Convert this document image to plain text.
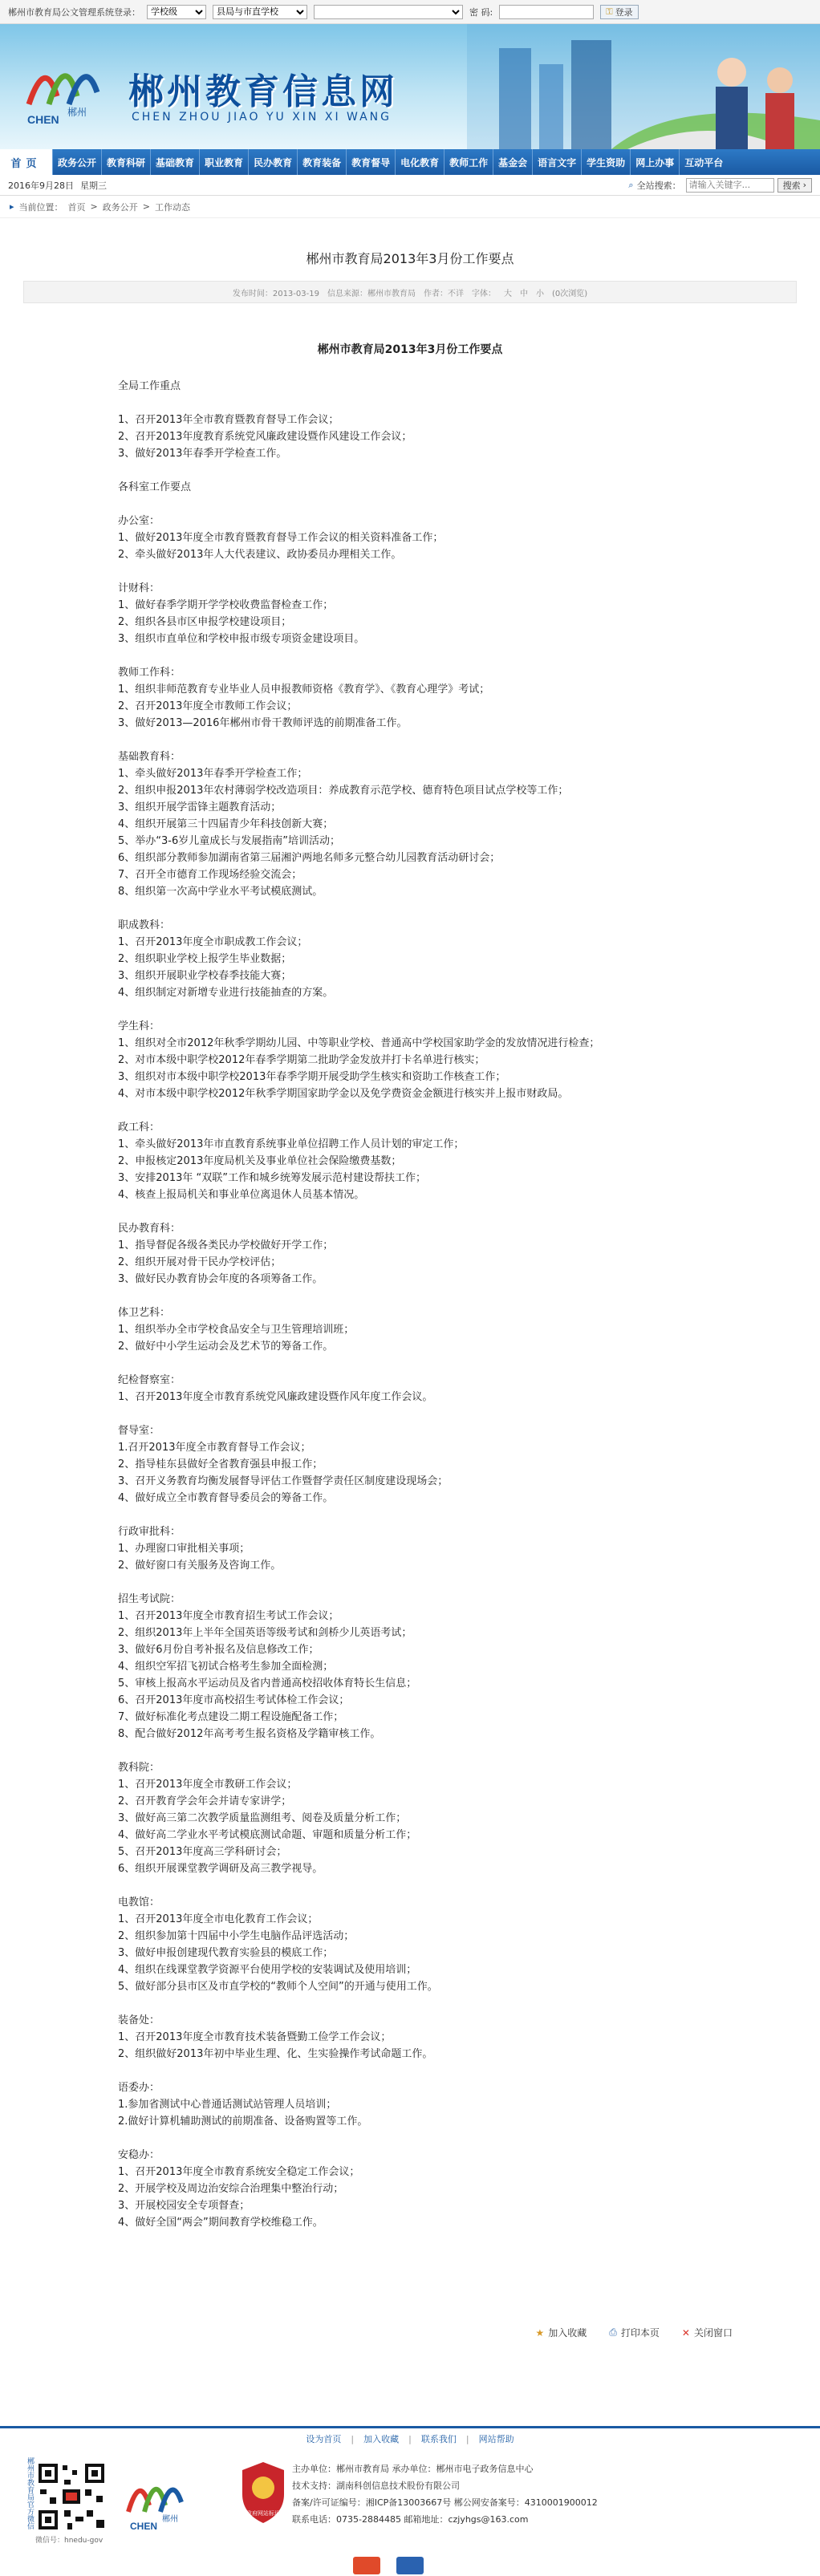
郴州市教育局公文管理系统登录：
学校级
县局与市直学校	密 码:	⚿ 登录
郴州
CHEN
郴州教育信息网
CHEN ZHOU JIAO YU XIN XI WANG
首页	政务公开	教育科研	基础教育	职业教育	民办教育	教育装备	教育督导	电化教育	教师工作	基金会	语言文字	学生资助	网上办事	互动平台
2016年9月28日 星期三	⌕ 全站搜索：
请输入关键字...	搜索 ›
▸ 当前位置： 首页 > 政务公开 > 工作动态
郴州市教育局2013年3月份工作要点
发布时间：2013-03-19 信息来源：郴州市教育局 作者：不详 字体： 大 中 小 (0次浏览)
郴州市教育局2013年3月份工作要点
全局工作重点
1、召开2013年全市教育暨教育督导工作会议；
2、召开2013年度教育系统党风廉政建设暨作风建设工作会议；
3、做好2013年春季开学检查工作。
各科室工作要点
办公室：
1、做好2013年度全市教育暨教育督导工作会议的相关资料准备工作；
2、牵头做好2013年人大代表建议、政协委员办理相关工作。
计财科：
1、做好春季学期开学学校收费监督检查工作；
2、组织各县市区申报学校建设项目；
3、组织市直单位和学校申报市级专项资金建设项目。
教师工作科：
1、组织非师范教育专业毕业人员申报教师资格《教育学》、《教育心理学》考试；
2、召开2013年度全市教师工作会议；
3、做好2013—2016年郴州市骨干教师评选的前期准备工作。
基础教育科：
1、牵头做好2013年春季开学检查工作；
2、组织申报2013年农村薄弱学校改造项目：养成教育示范学校、德育特色项目试点学校等工作；
3、组织开展学雷锋主题教育活动；
4、组织开展第三十四届青少年科技创新大赛；
5、举办“3-6岁儿童成长与发展指南”培训活动；
6、组织部分教师参加湖南省第三届湘沪两地名师多元整合幼儿园教育活动研讨会；
7、召开全市德育工作现场经验交流会；
8、组织第一次高中学业水平考试模底测试。
职成教科：
1、召开2013年度全市职成教工作会议；
2、组织职业学校上报学生毕业数据；
3、组织开展职业学校春季技能大赛；
4、组织制定对新增专业进行技能抽查的方案。
学生科：
1、组织对全市2012年秋季学期幼儿园、中等职业学校、普通高中学校国家助学金的发放情况进行检查；
2、对市本级中职学校2012年春季学期第二批助学金发放并打卡名单进行核实；
3、组织对市本级中职学校2013年春季学期开展受助学生核实和资助工作核查工作；
4、对市本级中职学校2012年秋季学期国家助学金以及免学费资金金额进行核实并上报市财政局。
政工科：
1、牵头做好2013年市直教育系统事业单位招聘工作人员计划的审定工作；
2、申报核定2013年度局机关及事业单位社会保险缴费基数；
3、安排2013年 “双联”工作和城乡统筹发展示范村建设帮扶工作；
4、核查上报局机关和事业单位离退休人员基本情况。
民办教育科：
1、指导督促各级各类民办学校做好开学工作；
2、组织开展对骨干民办学校评估；
3、做好民办教育协会年度的各项筹备工作。
体卫艺科：
1、组织举办全市学校食品安全与卫生管理培训班；
2、做好中小学生运动会及艺术节的筹备工作。
纪检督察室：
1、召开2013年度全市教育系统党风廉政建设暨作风年度工作会议。
督导室：
1.召开2013年度全市教育督导工作会议；
2、指导桂东县做好全省教育强县申报工作；
3、召开义务教育均衡发展督导评估工作暨督学责任区制度建设现场会；
4、做好成立全市教育督导委员会的筹备工作。
行政审批科：
1、办理窗口审批相关事项；
2、做好窗口有关服务及咨询工作。
招生考试院：
1、召开2013年度全市教育招生考试工作会议；
2、组织2013年上半年全国英语等级考试和剑桥少儿英语考试；
3、做好6月份自考补报名及信息修改工作；
4、组织空军招飞初试合格考生参加全面检测；
5、审核上报高水平运动员及省内普通高校招收体育特长生信息；
6、召开2013年度市高校招生考试体检工作会议；
7、做好标准化考点建设二期工程设施配备工作；
8、配合做好2012年高考考生报名资格及学籍审核工作。
教科院：
1、召开2013年度全市教研工作会议；
2、召开教育学会年会并请专家讲学；
3、做好高三第二次教学质量监测组考、阅卷及质量分析工作；
4、做好高二学业水平考试模底测试命题、审题和质量分析工作；
5、召开2013年度高三学科研讨会；
6、组织开展课堂教学调研及高三教学视导。
电教馆：
1、召开2013年度全市电化教育工作会议；
2、组织参加第十四届中小学生电脑作品评选活动；
3、做好申报创建现代教育实验县的模底工作；
4、组织在线课堂教学资源平台使用学校的安装调试及使用培训；
5、做好部分县市区及市直学校的“教师个人空间”的开通与使用工作。
装备处：
1、召开2013年度全市教育技术装备暨勤工俭学工作会议；
2、组织做好2013年初中毕业生理、化、生实验操作考试命题工作。
语委办：
1.参加省测试中心普通话测试站管理人员培训；
2.做好计算机辅助测试的前期准备、设备购置等工作。
安稳办：
1、召开2013年度全市教育系统安全稳定工作会议；
2、开展学校及周边治安综合治理集中整治行动；
3、开展校园安全专项督查；
4、做好全国“两会”期间教育学校维稳工作。
★ 加入收藏 ⎙ 打印本页 ✕ 关闭窗口
设为首页 | 加入收藏 | 联系我们 | 网站帮助
郴州市教育局官方微信
微信号：hnedu-gov
郴州
CHEN
政府网站标识
主办单位：郴州市教育局 承办单位：郴州市电子政务信息中心
技术支持：湖南科创信息技术股份有限公司
备案/许可证编号：湘ICP备13003667号 郴公网安备案号：4310001900012
联系电话：0735-2884485 邮箱地址：czjyhgs@163.com
